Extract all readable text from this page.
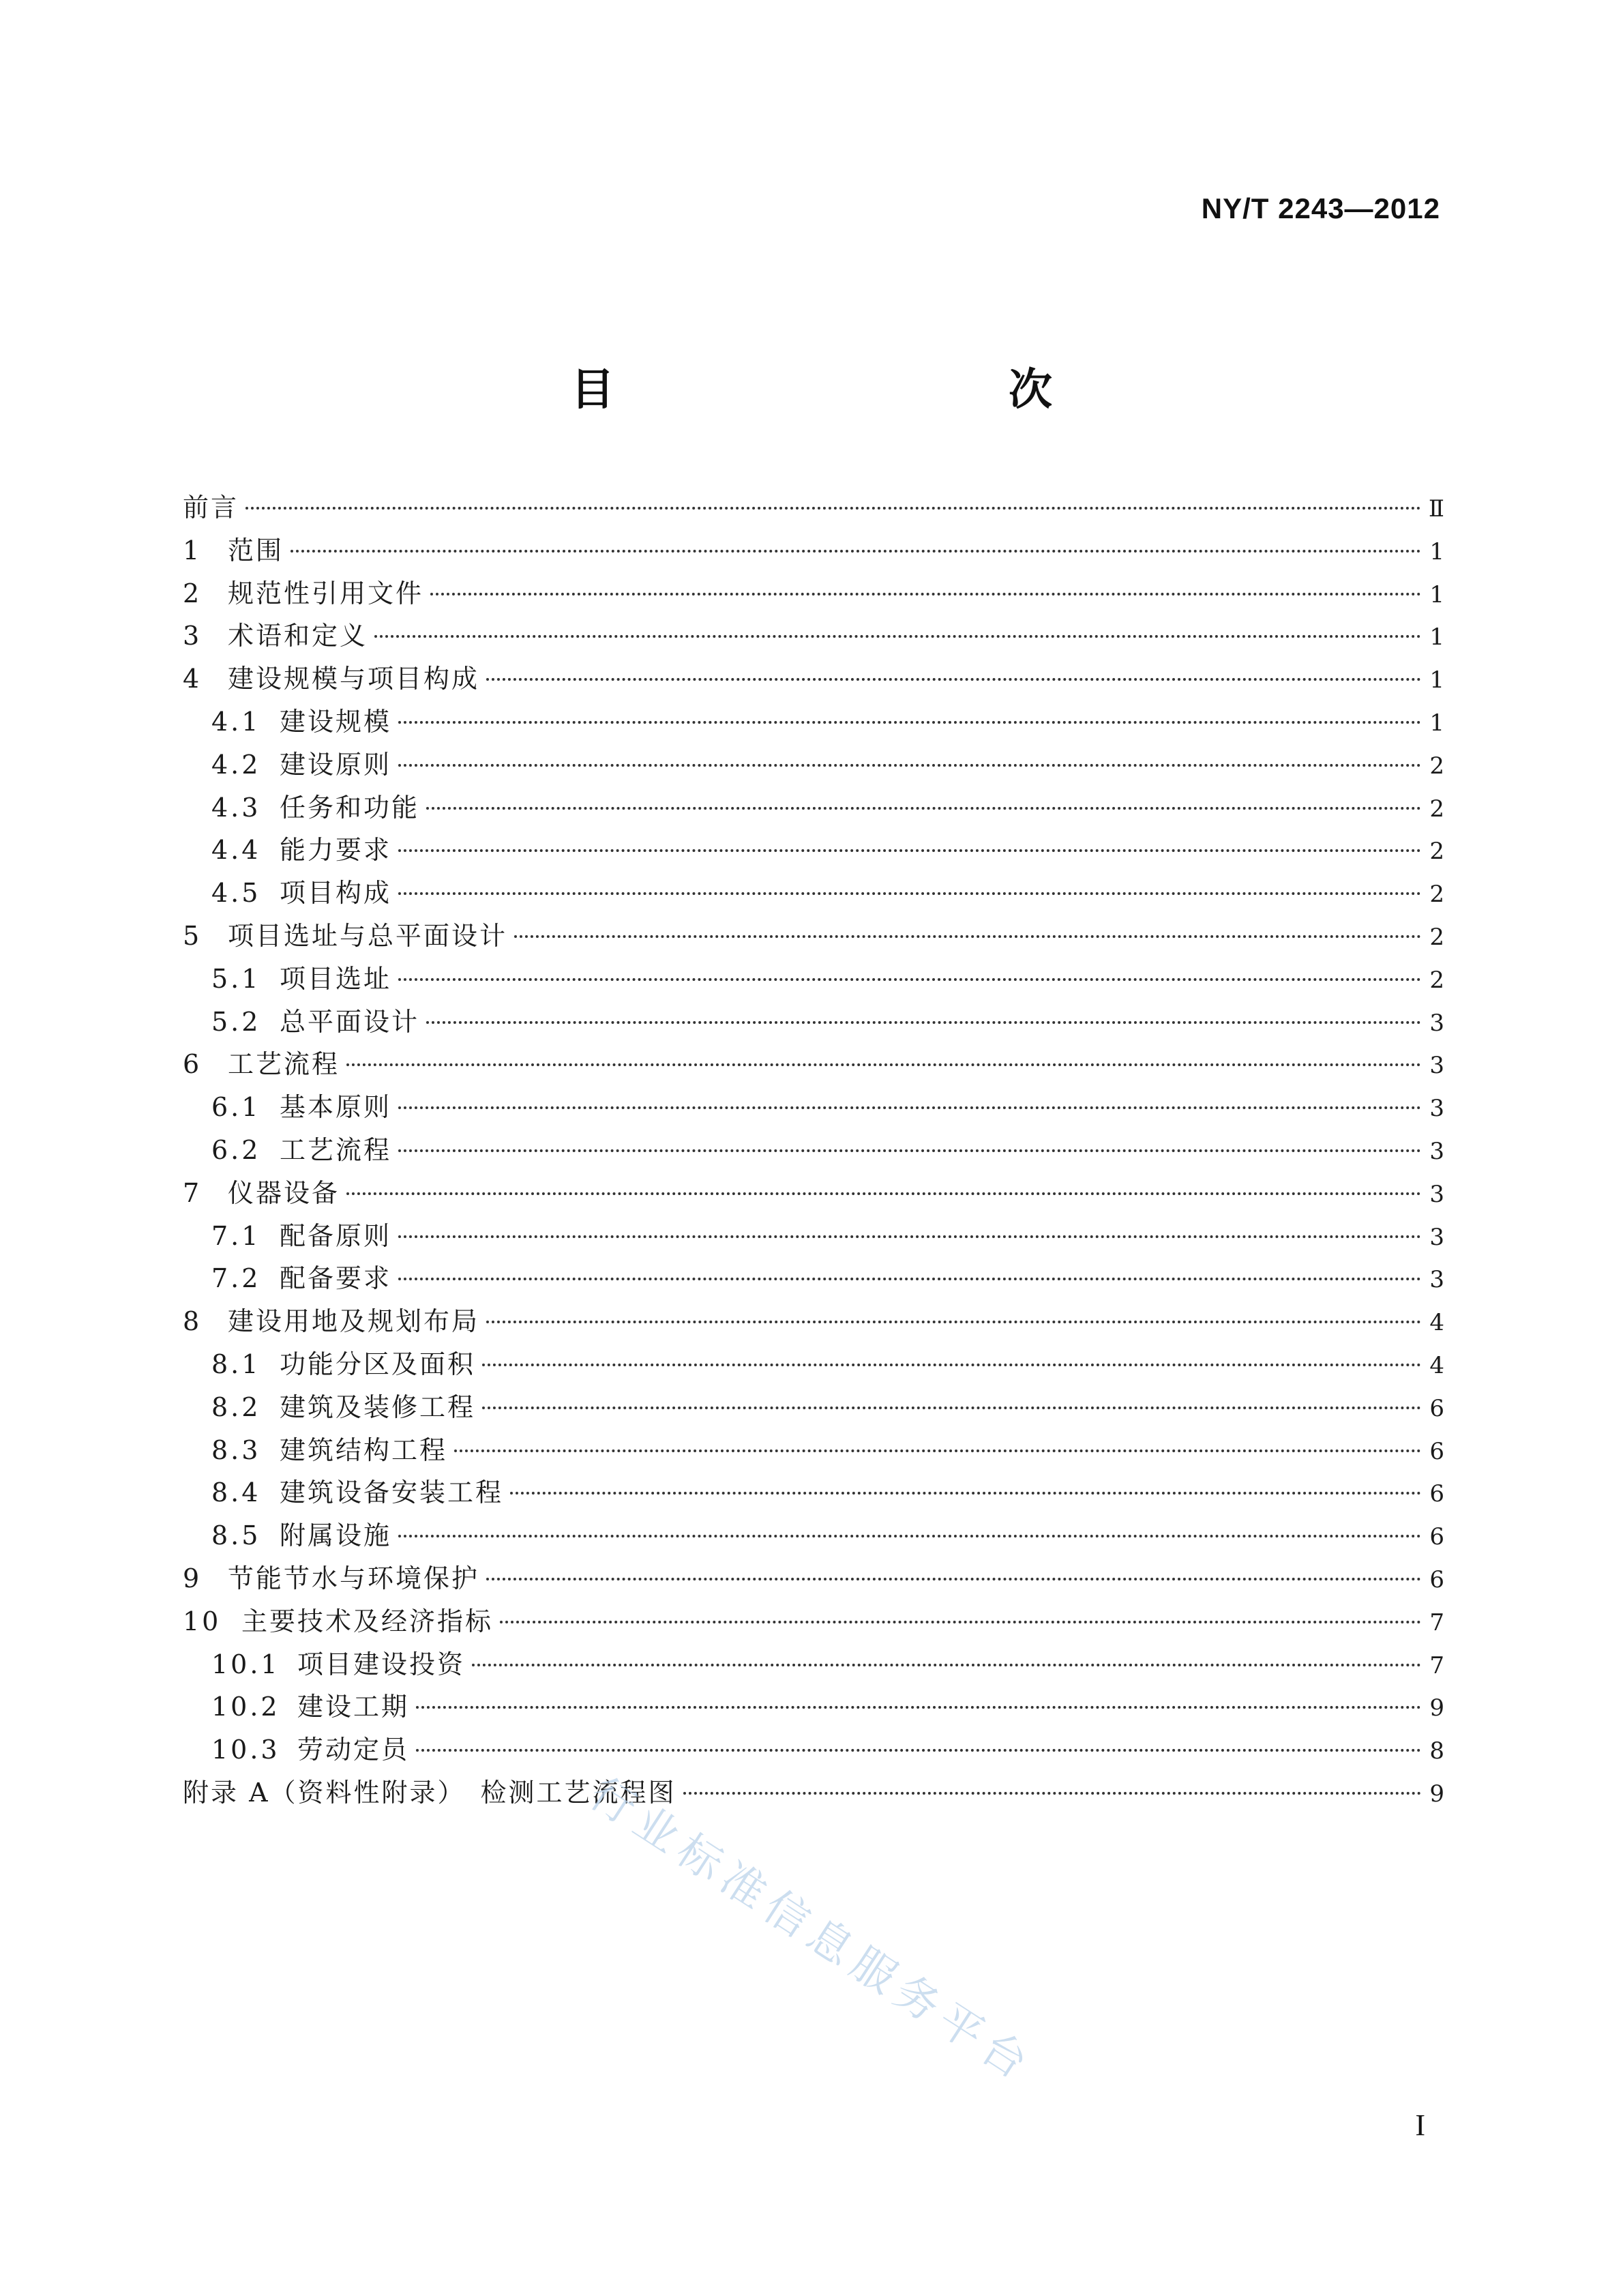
NY/T 2243—2012
目　　次
前言	Ⅱ
1 范围	1
2 规范性引用文件	1
3 术语和定义	1
4 建设规模与项目构成	1
4.1 建设规模	1
4.2 建设原则	2
4.3 任务和功能	2
4.4 能力要求	2
4.5 项目构成	2
5 项目选址与总平面设计	2
5.1 项目选址	2
5.2 总平面设计	3
6 工艺流程	3
6.1 基本原则	3
6.2 工艺流程	3
7 仪器设备	3
7.1 配备原则	3
7.2 配备要求	3
8 建设用地及规划布局	4
8.1 功能分区及面积	4
8.2 建筑及装修工程	6
8.3 建筑结构工程	6
8.4 建筑设备安装工程	6
8.5 附属设施	6
9 节能节水与环境保护	6
10 主要技术及经济指标	7
10.1 项目建设投资	7
10.2 建设工期	9
10.3 劳动定员	8
附录 A（资料性附录）　检测工艺流程图	9
行业标准信息服务平台
I
